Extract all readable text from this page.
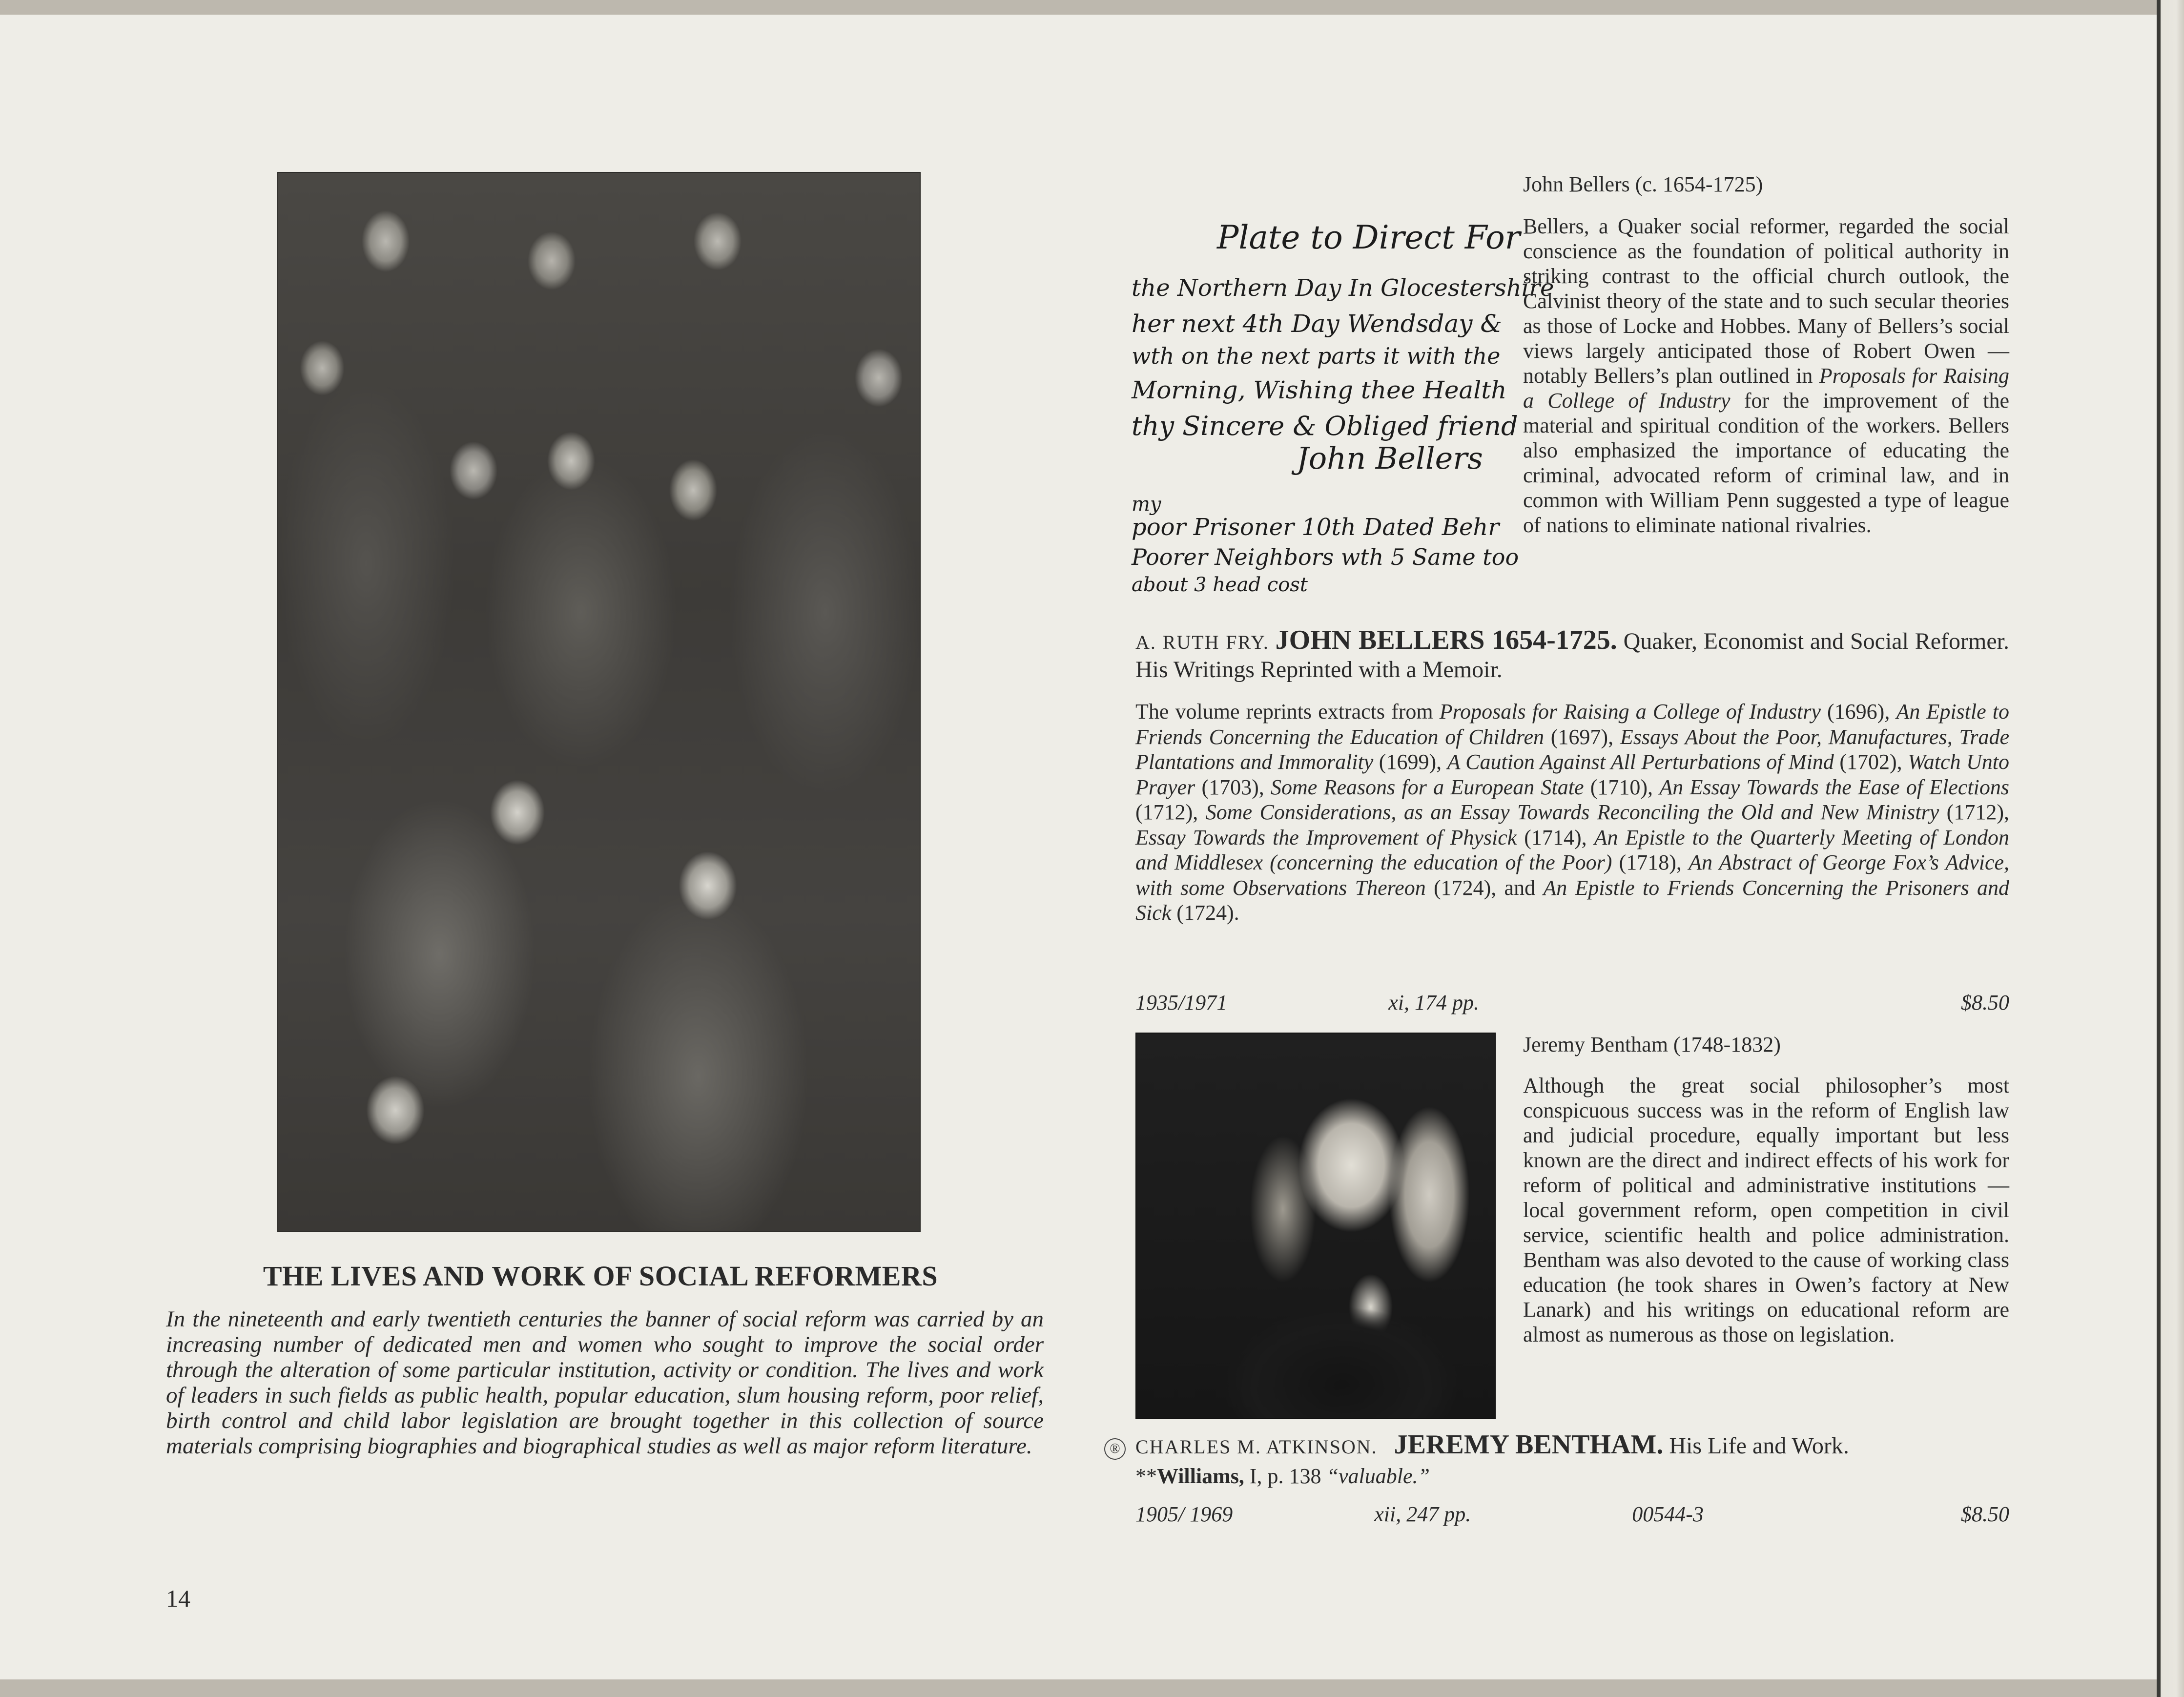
THE LIVES AND WORK OF SOCIAL REFORMERS
In the nineteenth and early twentieth centuries the banner of social reform was carried by an increasing number of dedicated men and women who sought to improve the social order through the alteration of some particular institution, activity or condition. The lives and work of leaders in such fields as public health, popular education, slum housing reform, poor relief, birth control and child labor legislation are brought together in this collection of source materials comprising biographies and biographical studies as well as major reform literature.
14
Plate to Direct For
the Northern Day In Glocestershire
her next 4th Day Wendsday &
wth on the next parts it with the
Morning, Wishing thee Health
thy Sincere & Obliged friend
John Bellers
my
poor Prisoner 10th Dated Behr
Poorer Neighbors wth 5 Same too
about 3 head cost
John Bellers (c. 1654-1725)
Bellers, a Quaker social reformer, regarded the social conscience as the foundation of political authority in striking contrast to the official church outlook, the Calvinist theory of the state and to such secular theories as those of Locke and Hobbes. Many of Bellers’s social views largely anticipated those of Robert Owen — notably Bellers’s plan outlined in Proposals for Raising a College of Industry for the improvement of the material and spiritual condition of the workers. Bellers also emphasized the importance of educating the criminal, advocated reform of criminal law, and in common with William Penn suggested a type of league of nations to eliminate national rivalries.
A. RUTH FRY. JOHN BELLERS 1654-1725. Quaker, Economist and Social Reformer. His Writings Reprinted with a Memoir.
The volume reprints extracts from Proposals for Raising a College of Industry (1696), An Epistle to Friends Concerning the Education of Children (1697), Essays About the Poor, Manufactures, Trade Plantations and Immorality (1699), A Caution Against All Perturbations of Mind (1702), Watch Unto Prayer (1703), Some Reasons for a European State (1710), An Essay Towards the Ease of Elections (1712), Some Considerations, as an Essay Towards Reconciling the Old and New Ministry (1712), Essay Towards the Improvement of Physick (1714), An Epistle to the Quarterly Meeting of London and Middlesex (concerning the education of the Poor) (1718), An Abstract of George Fox’s Advice, with some Observations Thereon (1724), and An Epistle to Friends Concerning the Prisoners and Sick (1724).
1935/1971	xi, 174 pp.	$8.50
Jeremy Bentham (1748-1832)
Although the great social philosopher’s most conspicuous success was in the reform of English law and judicial procedure, equally important but less known are the direct and indirect effects of his work for reform of political and administrative institutions — local government reform, open competition in civil service, scientific health and police administration. Bentham was also devoted to the cause of working class education (he took shares in Owen’s factory at New Lanark) and his writings on educational reform are almost as numerous as those on legislation.
® CHARLES M. ATKINSON. JEREMY BENTHAM. His Life and Work.
**Williams, I, p. 138 “valuable.”
1905/ 1969	xii, 247 pp.	00544-3	$8.50
